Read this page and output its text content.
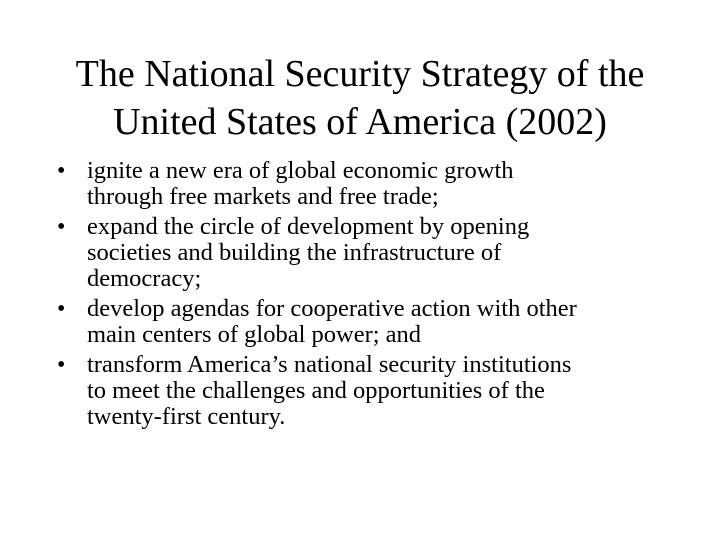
The National Security Strategy of the
United States of America (2002)
• ignite a new era of global economic growth
through free markets and free trade;
• expand the circle of development by opening
societies and building the infrastructure of
democracy;
• develop agendas for cooperative action with other
main centers of global power; and
• transform America’s national security institutions
to meet the challenges and opportunities of the
twenty-first century.
